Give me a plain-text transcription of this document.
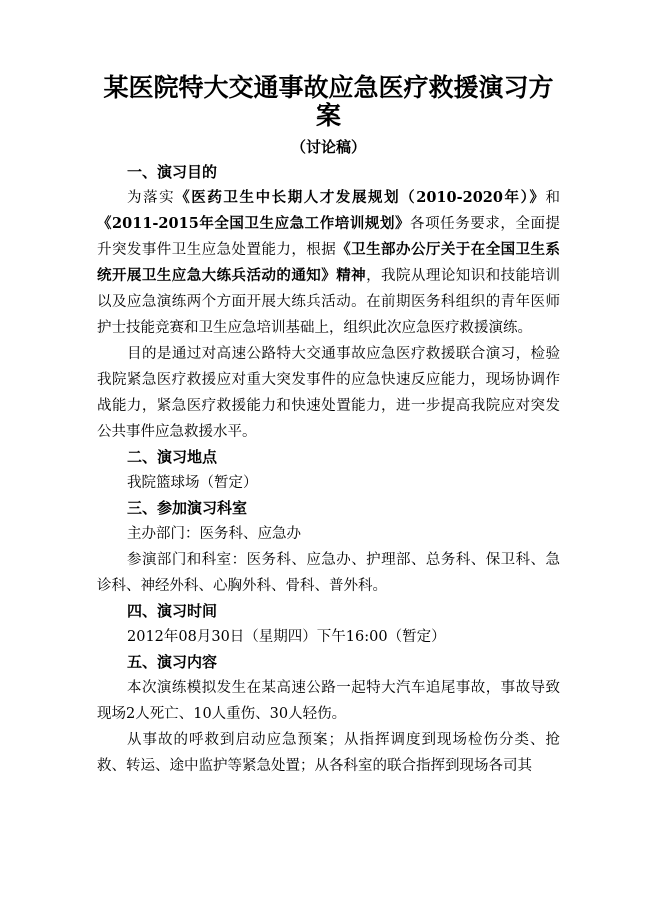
某医院特大交通事故应急医疗救援演习方
案
（讨论稿）
一、演习目的

为落实《医药卫生中长期人才发展规划（2010-2020年）》和《2011-2015年全国卫生应急工作培训规划》各项任务要求，全面提升突发事件卫生应急处置能力，根据《卫生部办公厅关于在全国卫生系统开展卫生应急大练兵活动的通知》精神，我院从理论知识和技能培训以及应急演练两个方面开展大练兵活动。在前期医务科组织的青年医师护士技能竞赛和卫生应急培训基础上，组织此次应急医疗救援演练。

目的是通过对高速公路特大交通事故应急医疗救援联合演习，检验我院紧急医疗救援应对重大突发事件的应急快速反应能力，现场协调作战能力，紧急医疗救援能力和快速处置能力，进一步提高我院应对突发公共事件应急救援水平。

二、演习地点
我院篮球场（暂定）
三、参加演习科室
主办部门：医务科、应急办

参演部门和科室：医务科、应急办、护理部、总务科、保卫科、急诊科、神经外科、心胸外科、骨科、普外科。

四、演习时间
2012年08月30日（星期四）下午16:00（暂定）
五、演习内容

本次演练模拟发生在某高速公路一起特大汽车追尾事故，事故导致现场2人死亡、10人重伤、30人轻伤。

从事故的呼救到启动应急预案；从指挥调度到现场检伤分类、抢救、转运、途中监护等紧急处置；从各科室的联合指挥到现场各司其
